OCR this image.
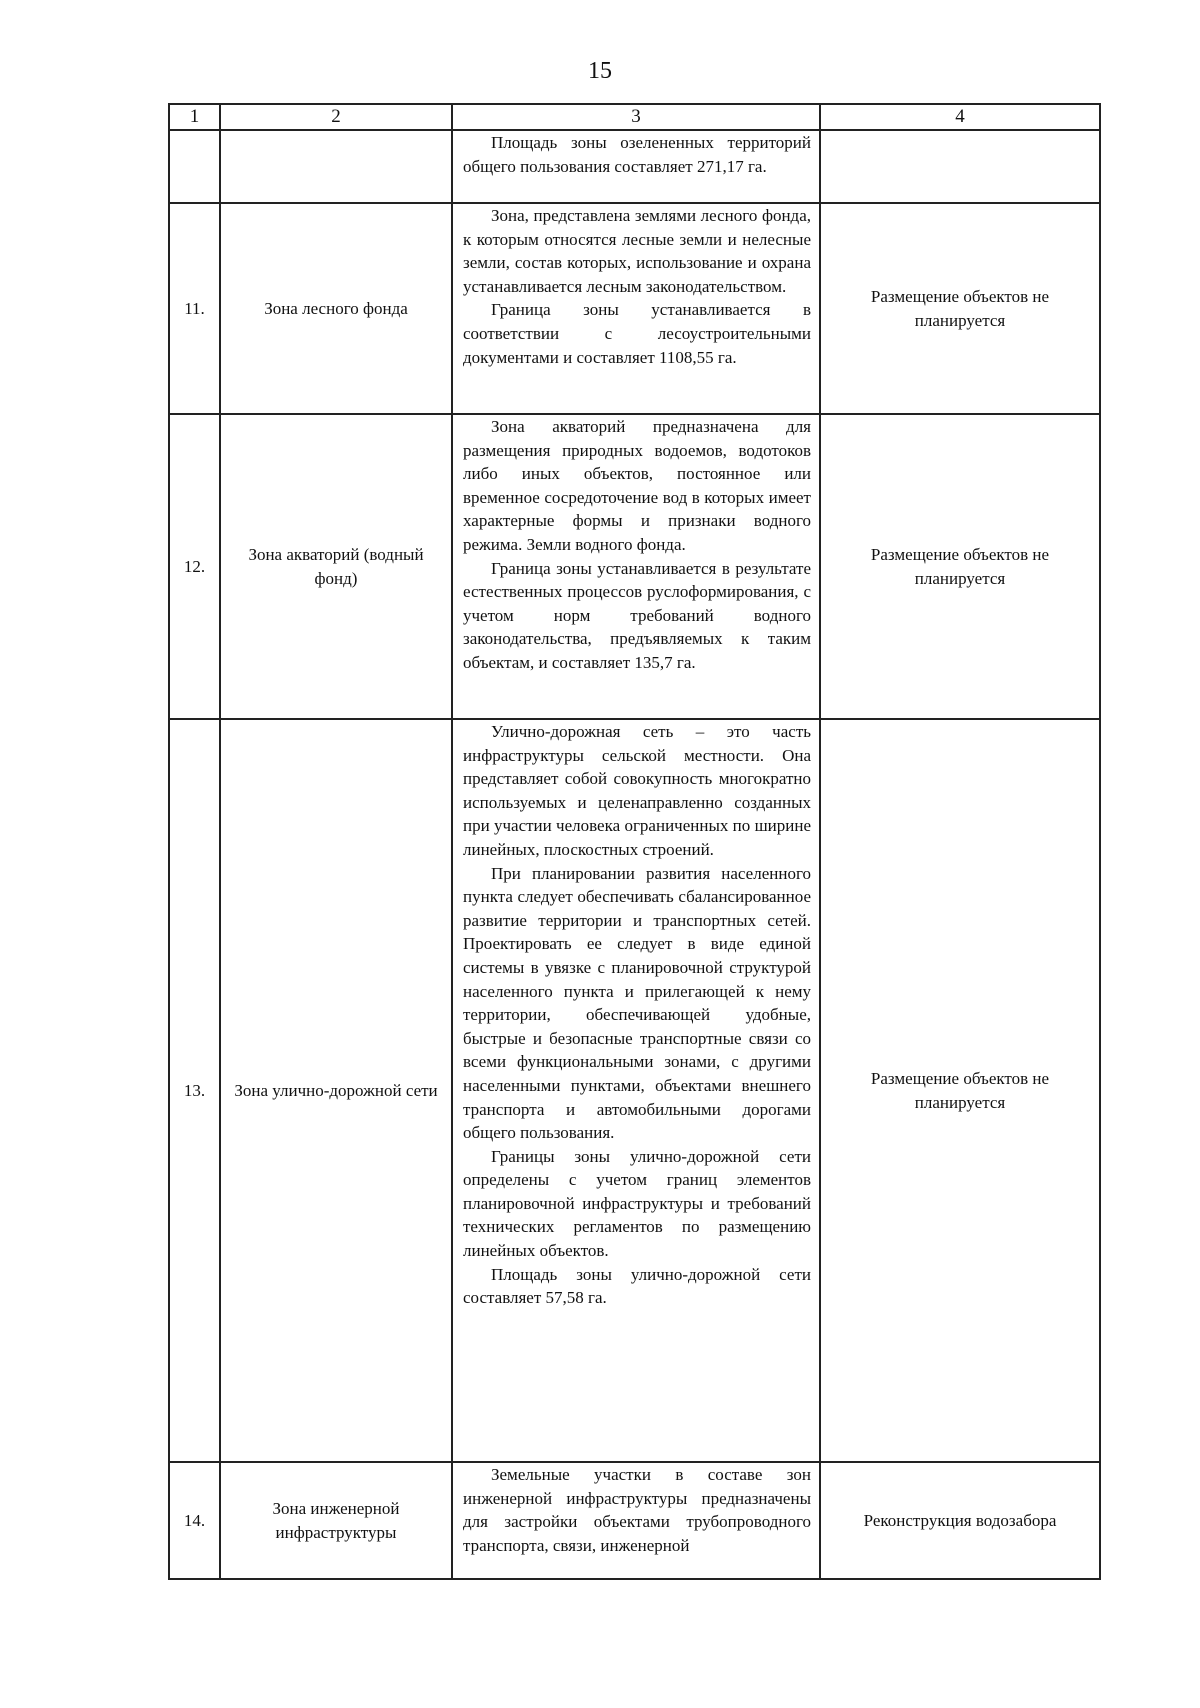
15
1	2	3	4

		Площадь зоны озелененных территорий общего пользования составляет 271,17 га.	

11.	Зона лесного фонда	Зона, представлена землями лесного фонда, к которым относятся лесные земли и нелесные земли, состав которых, использование и охрана устанавливается лесным законодательством.

Граница зоны устанавливается в соответствии с лесоустроительными документами и составляет 1108,55 га.	Размещение объектов не планируется
12.	Зона акваторий (водный фонд)	Зона акваторий предназначена для размещения природных водоемов, водотоков либо иных объектов, постоянное или временное сосредоточение вод в которых имеет характерные формы и признаки водного режима. Земли водного фонда.

Граница зоны устанавливается в результате естественных процессов руслоформирования, с учетом норм требований водного законодательства, предъявляемых к таким объектам, и составляет 135,7 га.	Размещение объектов не планируется
13.	Зона улично-дорожной сети	Улично-дорожная сеть – это часть инфраструктуры сельской местности. Она представляет собой совокупность многократно используемых и целенаправленно созданных при участии человека ограниченных по ширине линейных, плоскостных строений.

При планировании развития населенного пункта следует обеспечивать сбалансированное развитие территории и транспортных сетей. Проектировать ее следует в виде единой системы в увязке с планировочной структурой населенного пункта и прилегающей к нему территории, обеспечивающей удобные, быстрые и безопасные транспортные связи со всеми функциональными зонами, с другими населенными пунктами, объектами внешнего транспорта и автомобильными дорогами общего пользования.

Границы зоны улично-дорожной сети определены с учетом границ элементов планировочной инфраструктуры и требований технических регламентов по размещению линейных объектов.

Площадь зоны улично-дорожной сети составляет 57,58 га.	Размещение объектов не планируется
14.	Зона инженерной инфраструктуры	Земельные участки в составе зон инженерной инфраструктуры предназначены для застройки объектами трубопроводного транспорта, связи, инженерной	Реконструкция водозабора
